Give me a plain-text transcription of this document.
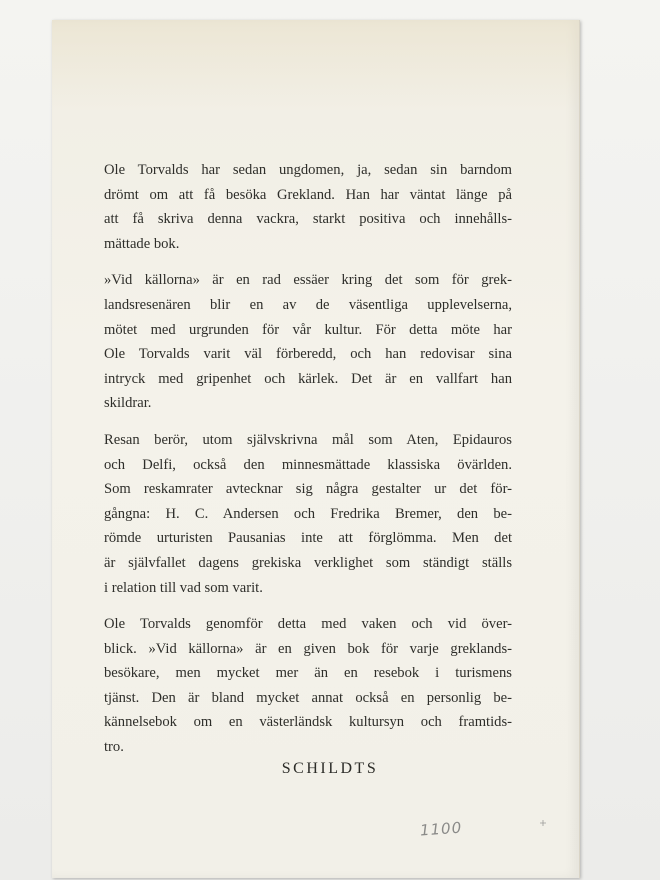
Ole Torvalds har sedan ungdomen, ja, sedan sin barndom
drömt om att få besöka Grekland. Han har väntat länge på
att få skriva denna vackra, starkt positiva och innehålls-
mättade bok.

»Vid källorna» är en rad essäer kring det som för grek-
landsresenären blir en av de väsentliga upplevelserna,
mötet med urgrunden för vår kultur. För detta möte har
Ole Torvalds varit väl förberedd, och han redovisar sina
intryck med gripenhet och kärlek. Det är en vallfart han
skildrar.

Resan berör, utom självskrivna mål som Aten, Epidauros
och Delfi, också den minnesmättade klassiska övärlden.
Som reskamrater avtecknar sig några gestalter ur det för-
gångna: H. C. Andersen och Fredrika Bremer, den be-
römde urturisten Pausanias inte att förglömma. Men det
är självfallet dagens grekiska verklighet som ständigt ställs
i relation till vad som varit.

Ole Torvalds genomför detta med vaken och vid över-
blick. »Vid källorna» är en given bok för varje greklands-
besökare, men mycket mer än en resebok i turismens
tjänst. Den är bland mycket annat också en personlig be-
kännelsebok om en västerländsk kultursyn och framtids-
tro.

SCHILDTS
1100
